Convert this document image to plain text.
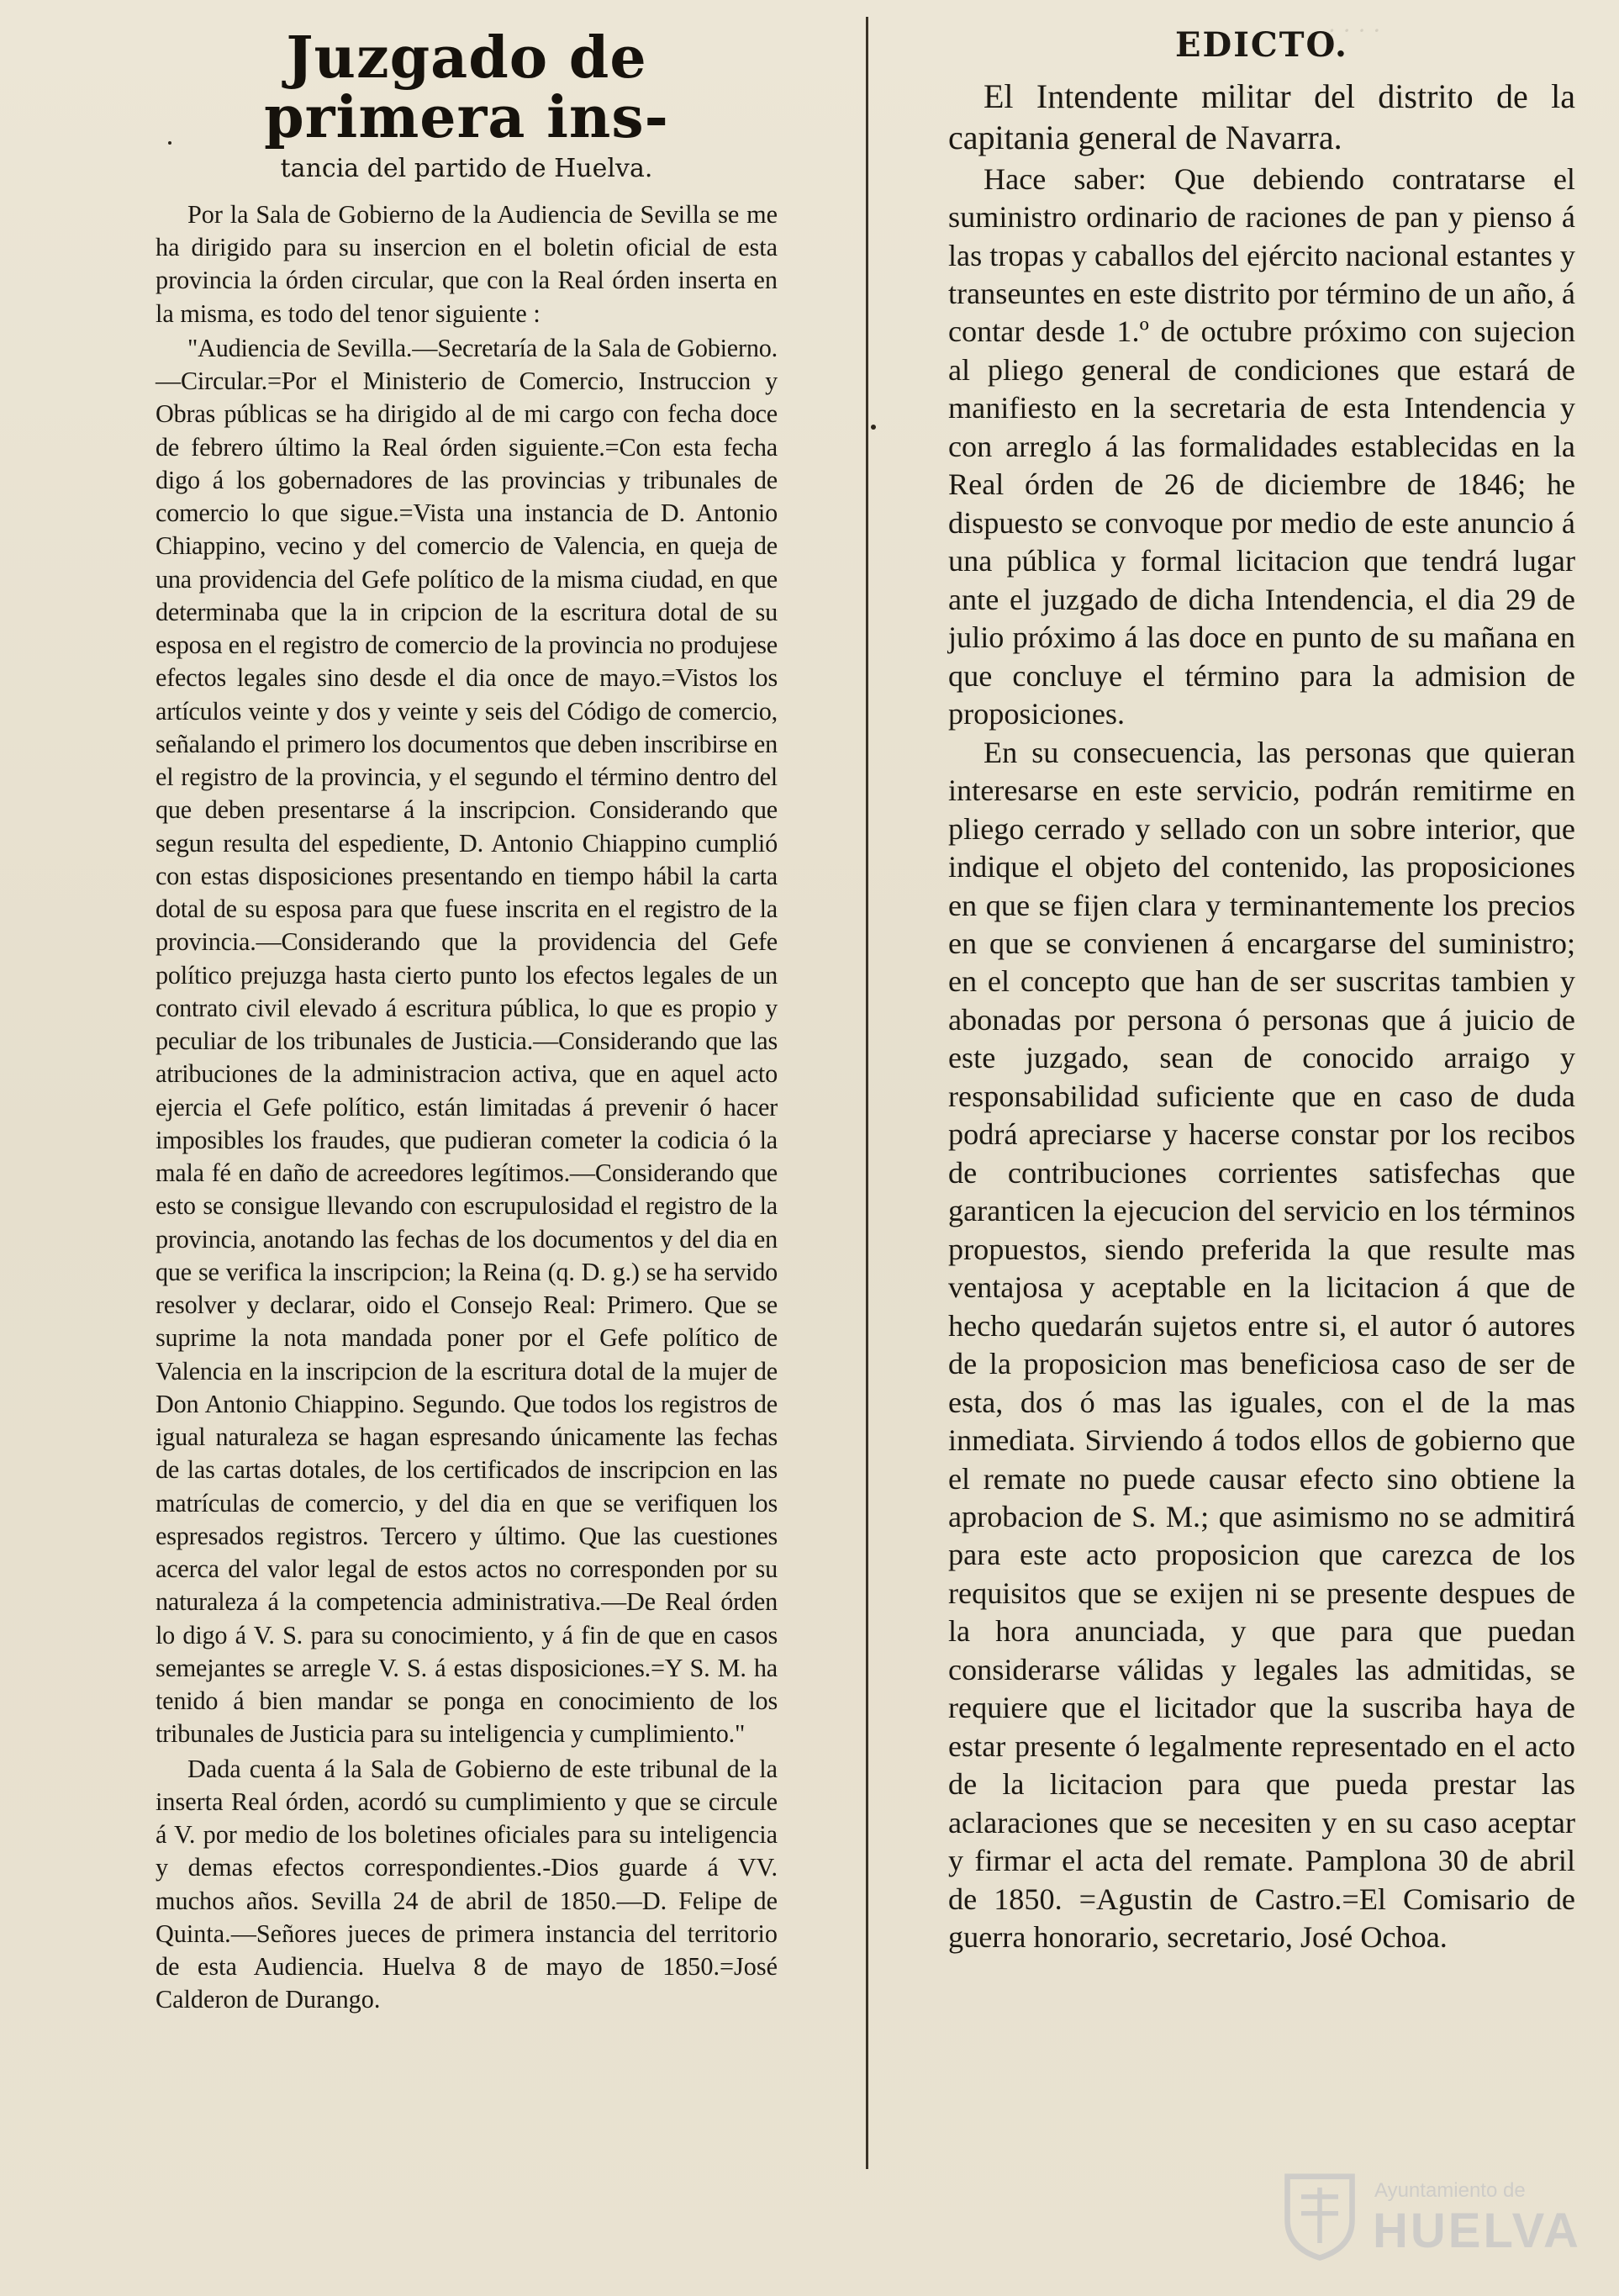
· · · ·
Juzgado de primera ins-
tancia del partido de Huelva.

Por la Sala de Gobierno de la Audiencia de Sevilla se me ha dirigido para su insercion en el boletin oficial de esta provincia la órden circular, que con la Real órden inserta en la misma, es todo del tenor siguiente :

"Audiencia de Sevilla.—Secretaría de la Sala de Gobierno.—Circular.=Por el Ministerio de Comercio, Instruccion y Obras públicas se ha dirigido al de mi cargo con fecha doce de febrero último la Real órden siguiente.=Con esta fecha digo á los gobernadores de las provincias y tribunales de comercio lo que sigue.=Vista una instancia de D. Antonio Chiappino, vecino y del comercio de Valencia, en queja de una providencia del Gefe político de la misma ciudad, en que determinaba que la in cripcion de la escritura dotal de su esposa en el registro de comercio de la provincia no produjese efectos legales sino desde el dia once de mayo.=Vistos los artículos veinte y dos y veinte y seis del Código de comercio, señalando el primero los documentos que deben inscribirse en el registro de la provincia, y el segundo el término dentro del que deben presentarse á la inscripcion. Considerando que segun resulta del espediente, D. Antonio Chiappino cumplió con estas disposiciones presentando en tiempo hábil la carta dotal de su esposa para que fuese inscrita en el registro de la provincia.—Considerando que la providencia del Gefe político prejuzga hasta cierto punto los efectos legales de un contrato civil elevado á escritura pública, lo que es propio y peculiar de los tribunales de Justicia.—Considerando que las atribuciones de la administracion activa, que en aquel acto ejercia el Gefe político, están limitadas á prevenir ó hacer imposibles los fraudes, que pudieran cometer la codicia ó la mala fé en daño de acreedores legítimos.—Considerando que esto se consigue llevando con escrupulosidad el registro de la provincia, anotando las fechas de los documentos y del dia en que se verifica la inscripcion; la Reina (q. D. g.) se ha servido resolver y declarar, oido el Consejo Real: Primero. Que se suprime la nota mandada poner por el Gefe político de Valencia en la inscripcion de la escritura dotal de la mujer de Don Antonio Chiappino. Segundo. Que todos los registros de igual naturaleza se hagan espresando únicamente las fechas de las cartas dotales, de los certificados de inscripcion en las matrículas de comercio, y del dia en que se verifiquen los espresados registros. Tercero y último. Que las cuestiones acerca del valor legal de estos actos no corresponden por su naturaleza á la competencia administrativa.—De Real órden lo digo á V. S. para su conocimiento, y á fin de que en casos semejantes se arregle V. S. á estas disposiciones.=Y S. M. ha tenido á bien mandar se ponga en conocimiento de los tribunales de Justicia para su inteligencia y cumplimiento."

Dada cuenta á la Sala de Gobierno de este tribunal de la inserta Real órden, acordó su cumplimiento y que se circule á V. por medio de los boletines oficiales para su inteligencia y demas efectos correspondientes.-Dios guarde á VV. muchos años. Sevilla 24 de abril de 1850.—D. Felipe de Quinta.—Señores jueces de primera instancia del territorio de esta Audiencia. Huelva 8 de mayo de 1850.=José Calderon de Durango.

EDICTO.

El Intendente militar del distrito de la capitania general de Navarra.

Hace saber: Que debiendo contratarse el suministro ordinario de raciones de pan y pienso á las tropas y caballos del ejército nacional estantes y transeuntes en este distrito por término de un año, á contar desde 1.º de octubre próximo con sujecion al pliego general de condiciones que estará de manifiesto en la secretaria de esta Intendencia y con arreglo á las formalidades establecidas en la Real órden de 26 de diciembre de 1846; he dispuesto se convoque por medio de este anuncio á una pública y formal licitacion que tendrá lugar ante el juzgado de dicha Intendencia, el dia 29 de julio próximo á las doce en punto de su mañana en que concluye el término para la admision de proposiciones.

En su consecuencia, las personas que quieran interesarse en este servicio, podrán remitirme en pliego cerrado y sellado con un sobre interior, que indique el objeto del contenido, las proposiciones en que se fijen clara y terminantemente los precios en que se convienen á encargarse del suministro; en el concepto que han de ser suscritas tambien y abonadas por persona ó personas que á juicio de este juzgado, sean de conocido arraigo y responsabilidad suficiente que en caso de duda podrá apreciarse y hacerse constar por los recibos de contribuciones corrientes satisfechas que garanticen la ejecucion del servicio en los términos propuestos, siendo preferida la que resulte mas ventajosa y aceptable en la licitacion á que de hecho quedarán sujetos entre si, el autor ó autores de la proposicion mas beneficiosa caso de ser de esta, dos ó mas las iguales, con el de la mas inmediata. Sirviendo á todos ellos de gobierno que el remate no puede causar efecto sino obtiene la aprobacion de S. M.; que asimismo no se admitirá para este acto proposicion que carezca de los requisitos que se exijen ni se presente despues de la hora anunciada, y que para que puedan considerarse válidas y legales las admitidas, se requiere que el licitador que la suscriba haya de estar presente ó legalmente representado en el acto de la licitacion para que pueda prestar las aclaraciones que se necesiten y en su caso aceptar y firmar el acta del remate. Pamplona 30 de abril de 1850. =Agustin de Castro.=El Comisario de guerra honorario, secretario, José Ochoa.

Ayuntamiento de
HUELVA
